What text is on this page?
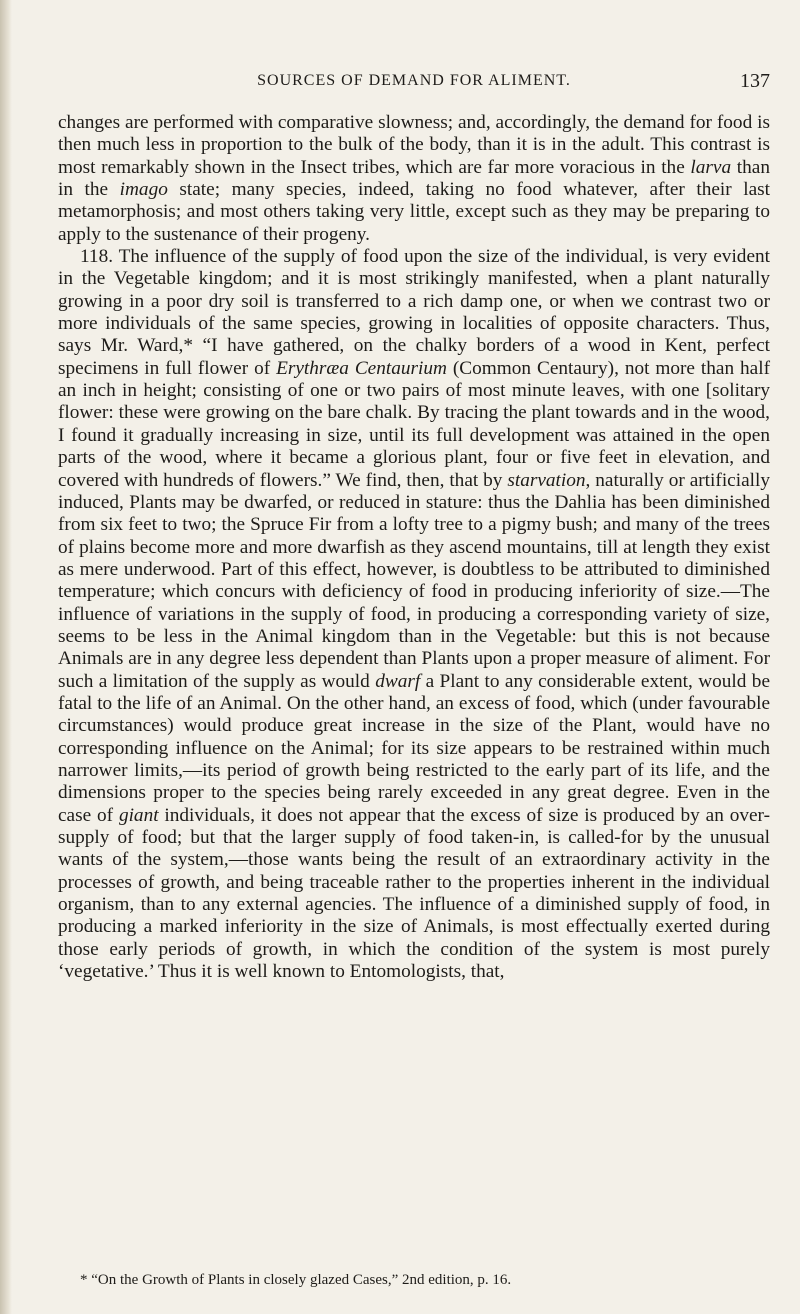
SOURCES OF DEMAND FOR ALIMENT.	137

changes are performed with comparative slowness; and, accordingly, the demand for food is then much less in proportion to the bulk of the body, than it is in the adult. This contrast is most remarkably shown in the Insect tribes, which are far more voracious in the larva than in the imago state; many species, indeed, taking no food whatever, after their last metamorphosis; and most others taking very little, except such as they may be preparing to apply to the sustenance of their progeny.

118. The influence of the supply of food upon the size of the individual, is very evident in the Vegetable kingdom; and it is most strikingly manifested, when a plant naturally growing in a poor dry soil is transferred to a rich damp one, or when we contrast two or more individuals of the same species, growing in localities of opposite characters. Thus, says Mr. Ward,* “I have gathered, on the chalky borders of a wood in Kent, perfect specimens in full flower of Erythræa Centaurium (Common Centaury), not more than half an inch in height; consisting of one or two pairs of most minute leaves, with one [solitary flower: these were growing on the bare chalk. By tracing the plant towards and in the wood, I found it gradually increasing in size, until its full development was attained in the open parts of the wood, where it became a glorious plant, four or five feet in elevation, and covered with hundreds of flowers.” We find, then, that by starvation, naturally or artificially induced, Plants may be dwarfed, or reduced in stature: thus the Dahlia has been diminished from six feet to two; the Spruce Fir from a lofty tree to a pigmy bush; and many of the trees of plains become more and more dwarfish as they ascend mountains, till at length they exist as mere underwood. Part of this effect, however, is doubtless to be attributed to diminished temperature; which concurs with deficiency of food in producing inferiority of size.—The influence of variations in the supply of food, in producing a corresponding variety of size, seems to be less in the Animal kingdom than in the Vegetable: but this is not because Animals are in any degree less dependent than Plants upon a proper measure of aliment. For such a limitation of the supply as would dwarf a Plant to any considerable extent, would be fatal to the life of an Animal. On the other hand, an excess of food, which (under favourable circumstances) would produce great increase in the size of the Plant, would have no corresponding influence on the Animal; for its size appears to be restrained within much narrower limits,—its period of growth being restricted to the early part of its life, and the dimensions proper to the species being rarely exceeded in any great degree. Even in the case of giant individuals, it does not appear that the excess of size is produced by an over-supply of food; but that the larger supply of food taken-in, is called-for by the unusual wants of the system,—those wants being the result of an extraordinary activity in the processes of growth, and being traceable rather to the properties inherent in the individual organism, than to any external agencies. The influence of a diminished supply of food, in producing a marked inferiority in the size of Animals, is most effectually exerted during those early periods of growth, in which the condition of the system is most purely ‘vegetative.’ Thus it is well known to Entomologists, that,

* “On the Growth of Plants in closely glazed Cases,” 2nd edition, p. 16.
